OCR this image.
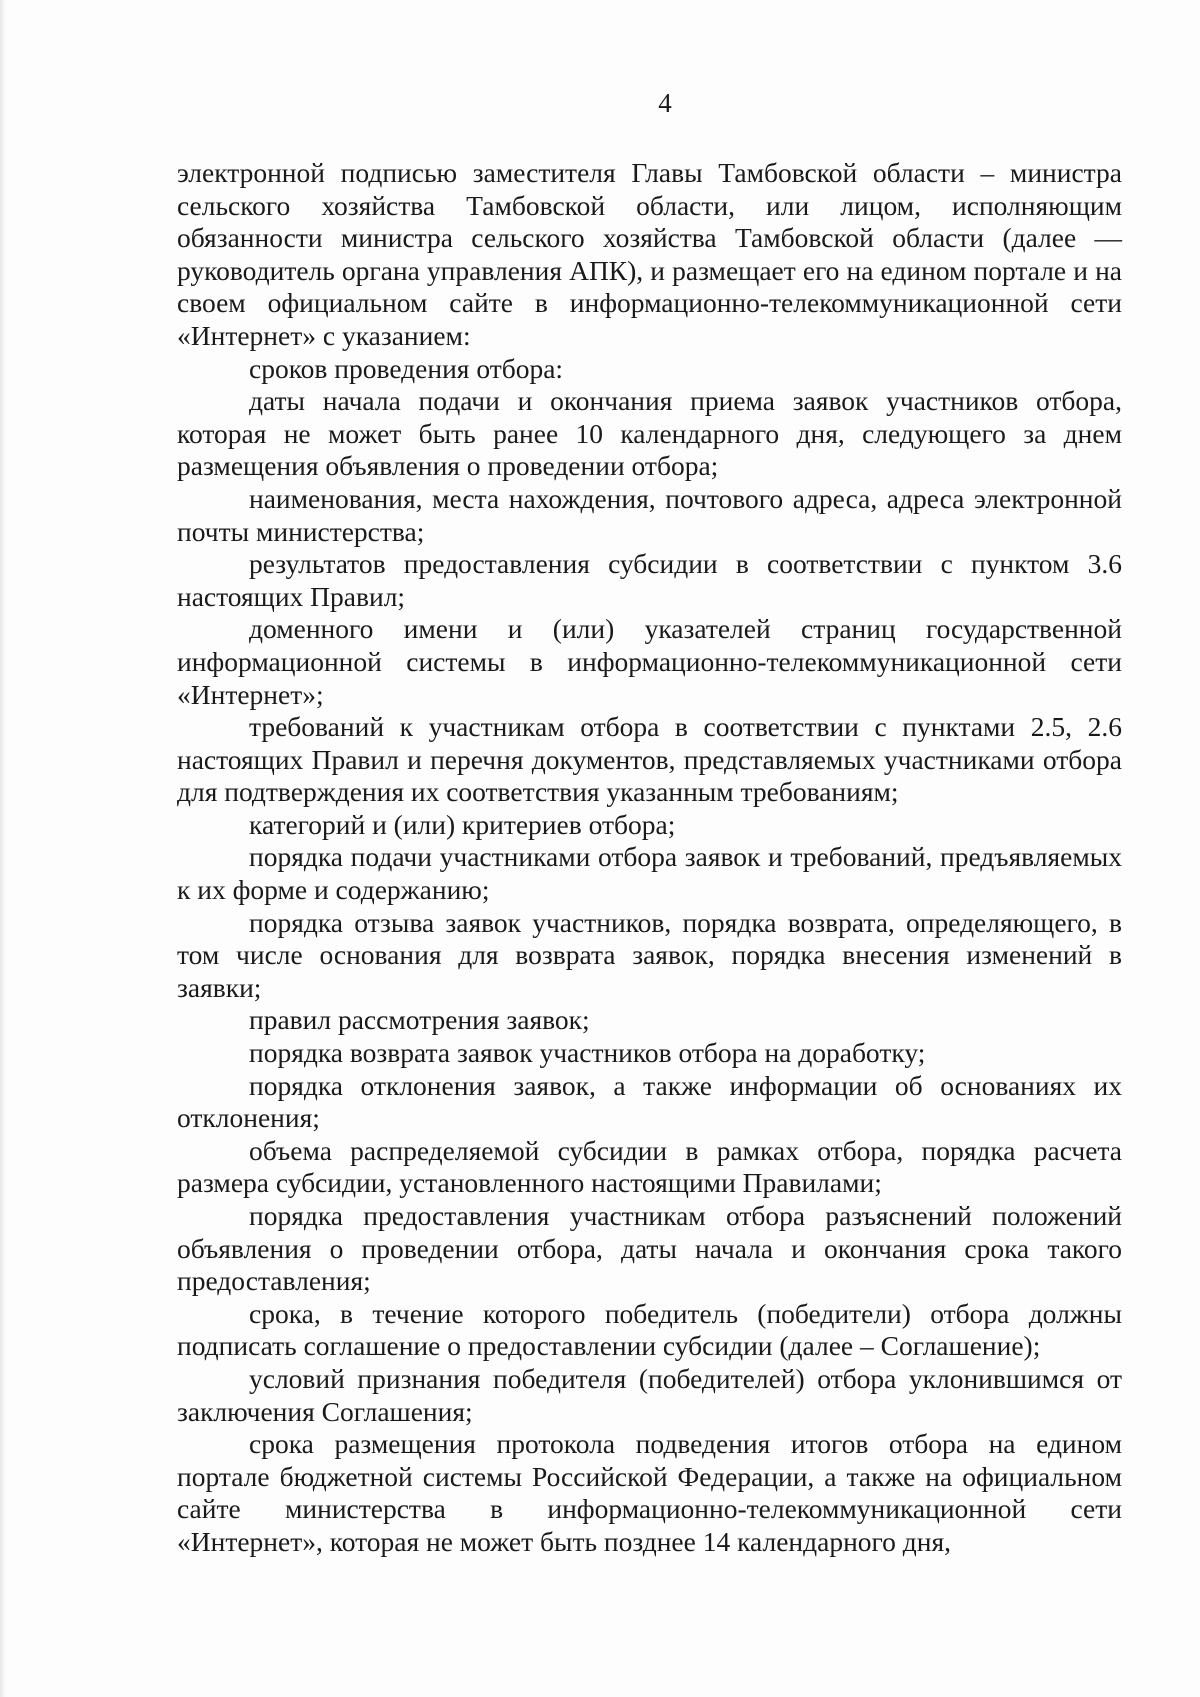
4

электронной подписью заместителя Главы Тамбовской области – министра сельского хозяйства Тамбовской области, или лицом, исполняющим обязанности министра сельского хозяйства Тамбовской области (далее — руководитель органа управления АПК), и размещает его на едином портале и на своем официальном сайте в информационно-телекоммуникационной сети «Интернет» с указанием:

сроков проведения отбора:

даты начала подачи и окончания приема заявок участников отбора, которая не может быть ранее 10 календарного дня, следующего за днем размещения объявления о проведении отбора;

наименования, места нахождения, почтового адреса, адреса электронной почты министерства;

результатов предоставления субсидии в соответствии с пунктом 3.6 настоящих Правил;

доменного имени и (или) указателей страниц государственной информационной системы в информационно-телекоммуникационной сети «Интернет»;

требований к участникам отбора в соответствии с пунктами 2.5, 2.6 настоящих Правил и перечня документов, представляемых участниками отбора для подтверждения их соответствия указанным требованиям;

категорий и (или) критериев отбора;

порядка подачи участниками отбора заявок и требований, предъявляемых к их форме и содержанию;

порядка отзыва заявок участников, порядка возврата, определяющего, в том числе основания для возврата заявок, порядка внесения изменений в заявки;

правил рассмотрения заявок;

порядка возврата заявок участников отбора на доработку;

порядка отклонения заявок, а также информации об основаниях их отклонения;

объема распределяемой субсидии в рамках отбора, порядка расчета размера субсидии, установленного настоящими Правилами;

порядка предоставления участникам отбора разъяснений положений объявления о проведении отбора, даты начала и окончания срока такого предоставления;

срока, в течение которого победитель (победители) отбора должны подписать соглашение о предоставлении субсидии (далее – Соглашение);

условий признания победителя (победителей) отбора уклонившимся от заключения Соглашения;

срока размещения протокола подведения итогов отбора на едином портале бюджетной системы Российской Федерации, а также на официальном сайте министерства в информационно-телекоммуникационной сети «Интернет», которая не может быть позднее 14 календарного дня,
